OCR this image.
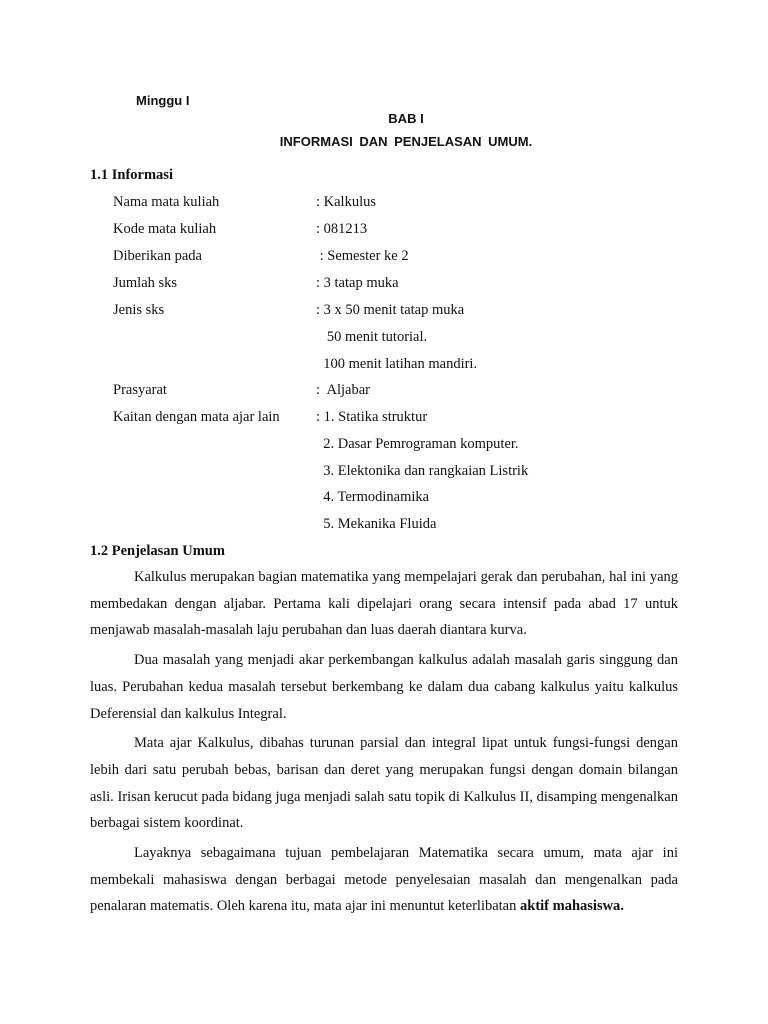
Minggu I
BAB I
INFORMASI DAN PENJELASAN UMUM.
1.1 Informasi
Nama mata kuliah	: Kalkulus
Kode mata kuliah	: 081213
Diberikan pada	: Semester ke 2
Jumlah sks	: 3 tatap muka
Jenis sks	: 3 x 50 menit tatap muka
50 menit tutorial.
100 menit latihan mandiri.
Prasyarat	:  Aljabar
Kaitan dengan mata ajar lain	: 1. Statika struktur
2. Dasar Pemrograman komputer.
3. Elektonika dan rangkaian Listrik
4. Termodinamika
5. Mekanika Fluida
1.2 Penjelasan Umum

Kalkulus merupakan bagian matematika yang mempelajari gerak dan perubahan, hal ini yang membedakan dengan aljabar. Pertama kali dipelajari orang secara intensif pada abad 17 untuk menjawab masalah-masalah laju perubahan dan luas daerah diantara kurva.

Dua masalah yang menjadi akar perkembangan kalkulus adalah masalah garis singgung dan luas. Perubahan kedua masalah tersebut berkembang ke dalam dua cabang kalkulus yaitu kalkulus Deferensial dan kalkulus Integral.

Mata ajar Kalkulus, dibahas turunan parsial dan integral lipat untuk fungsi-fungsi dengan lebih dari satu perubah bebas, barisan dan deret yang merupakan fungsi dengan domain bilangan asli. Irisan kerucut pada bidang juga menjadi salah satu topik di Kalkulus II, disamping mengenalkan berbagai sistem koordinat.

Layaknya sebagaimana tujuan pembelajaran Matematika secara umum, mata ajar ini membekali mahasiswa dengan berbagai metode penyelesaian masalah dan mengenalkan pada penalaran matematis. Oleh karena itu, mata ajar ini menuntut keterlibatan aktif mahasiswa.
